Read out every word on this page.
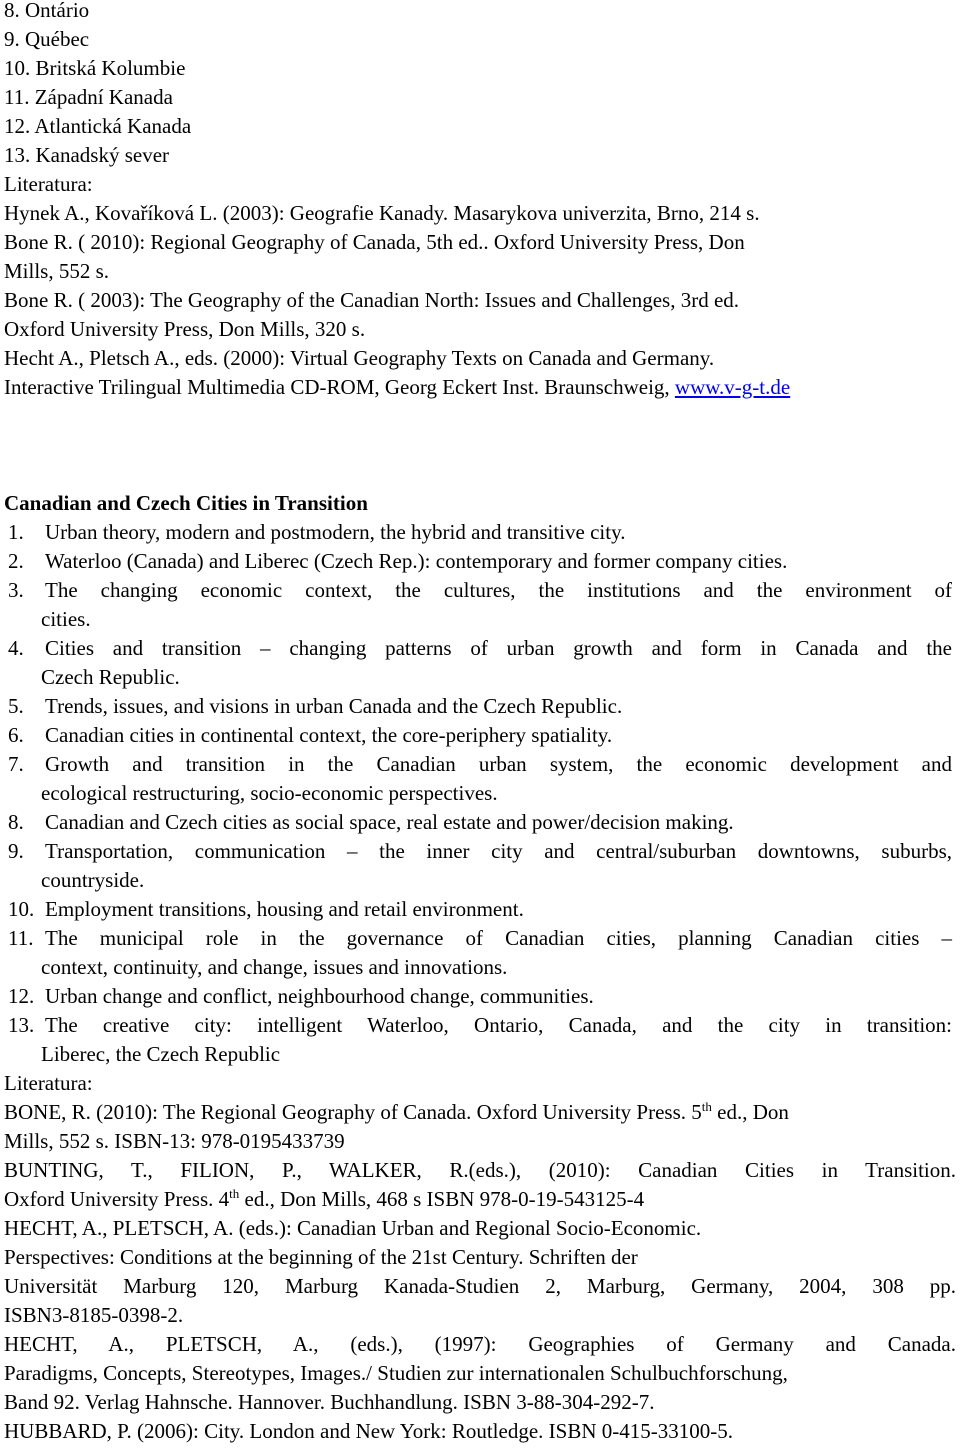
8. Ontário
9. Québec
10. Britská Kolumbie
11. Západní Kanada
12. Atlantická Kanada
13. Kanadský sever
Literatura:
Hynek A., Kovaříková L. (2003): Geografie Kanady. Masarykova univerzita, Brno, 214 s.
Bone R. ( 2010): Regional Geography of Canada, 5th ed.. Oxford University Press, Don
Mills, 552 s.
Bone R. ( 2003): The Geography of the Canadian North: Issues and Challenges, 3rd ed.
Oxford University Press, Don Mills, 320 s.
Hecht A., Pletsch A., eds. (2000): Virtual Geography Texts on Canada and Germany.
Interactive Trilingual Multimedia CD-ROM, Georg Eckert Inst. Braunschweig, www.v-g-t.de
Canadian and Czech Cities in Transition
1.	Urban theory, modern and postmodern, the hybrid and transitive city.
2.	Waterloo (Canada) and Liberec (Czech Rep.): contemporary and former company cities.
3.	The changing economic context, the cultures, the institutions and the environment of
cities.
4.	Cities and transition – changing patterns of urban growth and form in Canada and the
Czech Republic.
5.	Trends, issues, and visions in urban Canada and the Czech Republic.
6.	Canadian cities in continental context, the core-periphery spatiality.
7.	Growth and transition in the Canadian urban system, the economic development and
ecological restructuring, socio-economic perspectives.
8.	Canadian and Czech cities as social space, real estate and power/decision making.
9.	Transportation, communication – the inner city and central/suburban downtowns, suburbs,
countryside.
10. Employment transitions, housing and retail environment.
11. The municipal role in the governance of Canadian cities, planning Canadian cities –
context, continuity, and change, issues and innovations.
12. Urban change and conflict, neighbourhood change, communities.
13. The creative city: intelligent Waterloo, Ontario, Canada, and the city in transition:
Liberec, the Czech Republic
Literatura:
BONE, R. (2010): The Regional Geography of Canada. Oxford University Press. 5th ed., Don
Mills, 552 s. ISBN-13: 978-0195433739
BUNTING, T., FILION, P., WALKER, R.(eds.), (2010): Canadian Cities in Transition.
Oxford University Press. 4th ed., Don Mills, 468 s ISBN 978-0-19-543125-4
HECHT, A., PLETSCH, A. (eds.): Canadian Urban and Regional Socio-Economic.
Perspectives: Conditions at the beginning of the 21st Century. Schriften der
Universität Marburg 120, Marburg Kanada-Studien 2, Marburg, Germany, 2004, 308 pp.
ISBN3-8185-0398-2.
HECHT, A., PLETSCH, A., (eds.), (1997): Geographies of Germany and Canada.
Paradigms, Concepts, Stereotypes, Images./ Studien zur internationalen Schulbuchforschung,
Band 92. Verlag Hahnsche. Hannover. Buchhandlung. ISBN 3-88-304-292-7.
HUBBARD, P. (2006): City. London and New York: Routledge. ISBN 0-415-33100-5.
